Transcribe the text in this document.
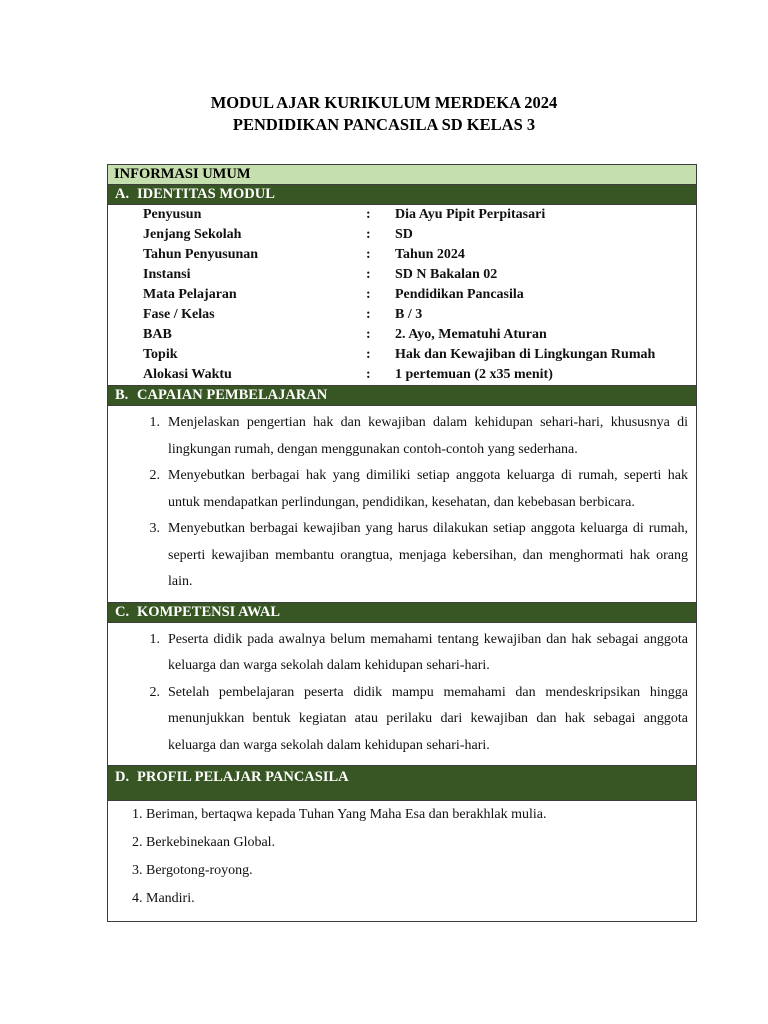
MODUL AJAR KURIKULUM MERDEKA 2024
PENDIDIKAN PANCASILA SD KELAS 3
INFORMASI UMUM
A. IDENTITAS MODUL
Penyusun	:	Dia Ayu Pipit Perpitasari
Jenjang Sekolah	:	SD
Tahun Penyusunan	:	Tahun 2024
Instansi	:	SD N Bakalan 02
Mata Pelajaran	:	Pendidikan Pancasila
Fase / Kelas	:	B / 3
BAB	:	2. Ayo, Mematuhi Aturan
Topik	:	Hak dan Kewajiban di Lingkungan Rumah
Alokasi Waktu	:	1 pertemuan (2 x35 menit)
B. CAPAIAN PEMBELAJARAN
1. Menjelaskan pengertian hak dan kewajiban dalam kehidupan sehari-hari, khususnya di lingkungan rumah, dengan menggunakan contoh-contoh yang sederhana.
2. Menyebutkan berbagai hak yang dimiliki setiap anggota keluarga di rumah, seperti hak untuk mendapatkan perlindungan, pendidikan, kesehatan, dan kebebasan berbicara.
3. Menyebutkan berbagai kewajiban yang harus dilakukan setiap anggota keluarga di rumah, seperti kewajiban membantu orangtua, menjaga kebersihan, dan menghormati hak orang lain.
C. KOMPETENSI AWAL
1. Peserta didik pada awalnya belum memahami tentang kewajiban dan hak sebagai anggota keluarga dan warga sekolah dalam kehidupan sehari-hari.
2. Setelah pembelajaran peserta didik mampu memahami dan mendeskripsikan hingga menunjukkan bentuk kegiatan atau perilaku dari kewajiban dan hak sebagai anggota keluarga dan warga sekolah dalam kehidupan sehari-hari.
D. PROFIL PELAJAR PANCASILA
1. Beriman, bertaqwa kepada Tuhan Yang Maha Esa dan berakhlak mulia.
2. Berkebinekaan Global.
3. Bergotong-royong.
4. Mandiri.
